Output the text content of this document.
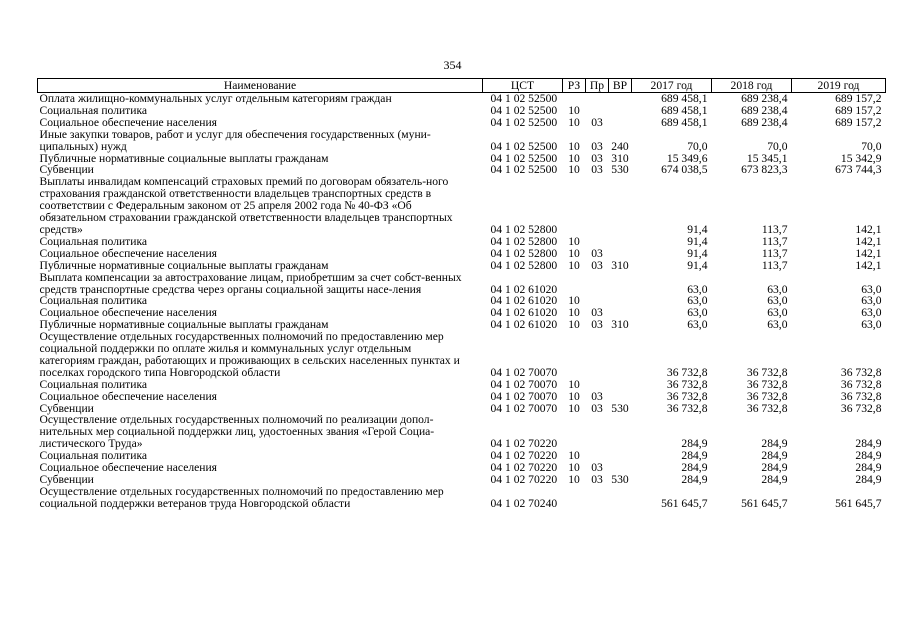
354
Наименование	ЦСТ	РЗ	Пр	ВР	2017 год	2018 год	2019 год
Оплата жилищно-коммунальных услуг отдельным категориям граждан	04 1 02 52500				689 458,1	689 238,4	689 157,2
Социальная политика	04 1 02 52500	10			689 458,1	689 238,4	689 157,2
Социальное обеспечение населения	04 1 02 52500	10	03		689 458,1	689 238,4	689 157,2
Иные закупки товаров, работ и услуг для обеспечения государственных (муни-ципальных) нужд	04 1 02 52500	10	03	240	70,0	70,0	70,0
Публичные нормативные социальные выплаты гражданам	04 1 02 52500	10	03	310	15 349,6	15 345,1	15 342,9
Субвенции	04 1 02 52500	10	03	530	674 038,5	673 823,3	673 744,3
Выплаты инвалидам компенсаций страховых премий по договорам обязатель-ного страхования гражданской ответственности владельцев транспортных средств в соответствии с Федеральным законом от 25 апреля 2002 года № 40-ФЗ «Об обязательном страховании гражданской ответственности владельцев транспортных средств»	04 1 02 52800				91,4	113,7	142,1
Социальная политика	04 1 02 52800	10			91,4	113,7	142,1
Социальное обеспечение населения	04 1 02 52800	10	03		91,4	113,7	142,1
Публичные нормативные социальные выплаты гражданам	04 1 02 52800	10	03	310	91,4	113,7	142,1
Выплата компенсации за автострахование лицам, приобретшим за счет собст-венных средств транспортные средства через органы социальной защиты насе-ления	04 1 02 61020				63,0	63,0	63,0
Социальная политика	04 1 02 61020	10			63,0	63,0	63,0
Социальное обеспечение населения	04 1 02 61020	10	03		63,0	63,0	63,0
Публичные нормативные социальные выплаты гражданам	04 1 02 61020	10	03	310	63,0	63,0	63,0
Осуществление отдельных государственных полномочий по предоставлению мер социальной поддержки по оплате жилья и коммунальных услуг отдельным категориям граждан, работающих и проживающих в сельских населенных пунктах и поселках городского типа Новгородской области	04 1 02 70070				36 732,8	36 732,8	36 732,8
Социальная политика	04 1 02 70070	10			36 732,8	36 732,8	36 732,8
Социальное обеспечение населения	04 1 02 70070	10	03		36 732,8	36 732,8	36 732,8
Субвенции	04 1 02 70070	10	03	530	36 732,8	36 732,8	36 732,8
Осуществление отдельных государственных полномочий по реализации допол-нительных мер социальной поддержки лиц, удостоенных звания «Герой Социа-листического Труда»	04 1 02 70220				284,9	284,9	284,9
Социальная политика	04 1 02 70220	10			284,9	284,9	284,9
Социальное обеспечение населения	04 1 02 70220	10	03		284,9	284,9	284,9
Субвенции	04 1 02 70220	10	03	530	284,9	284,9	284,9
Осуществление отдельных государственных полномочий по предоставлению мер социальной поддержки ветеранов труда Новгородской области	04 1 02 70240				561 645,7	561 645,7	561 645,7
